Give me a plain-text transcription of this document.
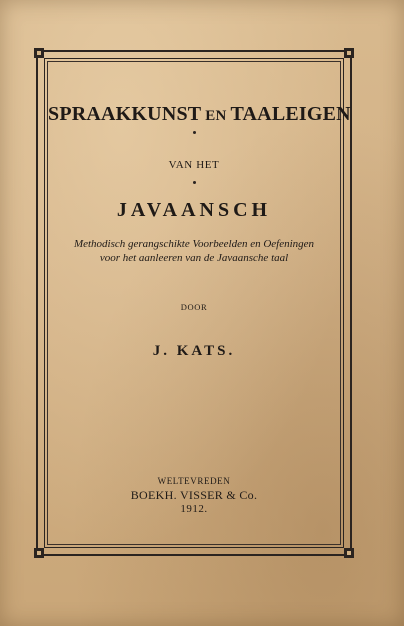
SPRAAKKUNST EN TAALEIGEN
VAN HET
JAVAANSCH
Methodisch gerangschikte Voorbeelden en Oefeningen
voor het aanleeren van de Javaansche taal
DOOR
J. KATS.
WELTEVREDEN
BOEKH. VISSER & Co.
1912.
